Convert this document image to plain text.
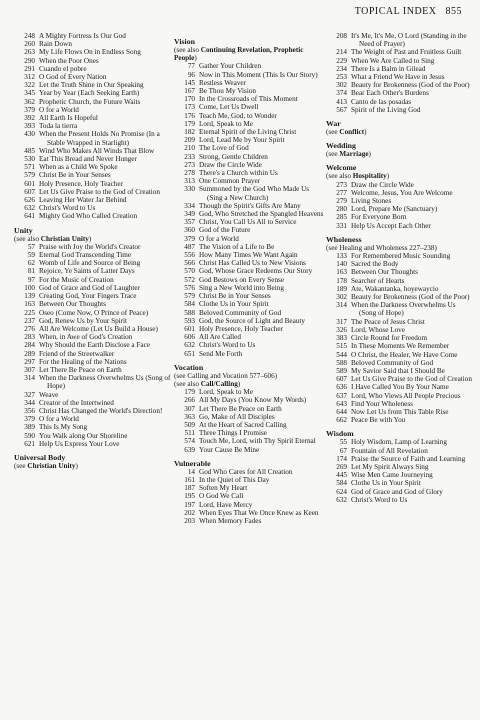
TOPICAL INDEX 855
248 A Mighty Fortress Is Our God
260 Rain Down
263 My Life Flows On in Endless Song
290 When the Poor Ones
291 Cuando el pobre
312 O God of Every Nation
322 Let the Truth Shine in Our Speaking
345 Year by Year (Each Seeking Earth)
362 Prophetic Church, the Future Waits
379 O for a World
392 All Earth Is Hopeful
393 Toda la tierra
430 When the Present Holds No Promise (In a Stable Wrapped in Starlight)
485 Wind Who Makes All Winds That Blow
530 Eat This Bread and Never Hunger
571 When as a Child We Spoke
579 Christ Be in Your Senses
601 Holy Presence, Holy Teacher
607 Let Us Give Praise to the God of Creation
626 Leaving Her Water Jar Behind
632 Christ's Word to Us
641 Mighty God Who Called Creation
Unity
(see also Christian Unity)
57 Praise with Joy the World's Creator
59 Eternal God Transcending Time
62 Womb of Life and Source of Being
81 Rejoice, Ye Saints of Latter Days
97 For the Music of Creation
100 God of Grace and God of Laughter
139 Creating God, Your Fingers Trace
163 Between Our Thoughts
225 Oseo (Come Now, O Prince of Peace)
237 God, Renew Us by Your Spirit
276 All Are Welcome (Let Us Build a House)
283 When, in Awe of God's Creation
284 Why Should the Earth Disclose a Face
289 Friend of the Streetwalker
297 For the Healing of the Nations
307 Let There Be Peace on Earth
314 When the Darkness Overwhelms Us (Song of Hope)
327 Weave
344 Creator of the Intertwined
356 Christ Has Changed the World's Direction!
379 O for a World
389 This Is My Song
590 You Walk along Our Shoreline
621 Help Us Express Your Love
Universal Body
(see Christian Unity)
Vision
(see also Continuing Revelation, Prophetic People)
77 Gather Your Children
96 Now in This Moment (This Is Our Story)
145 Restless Weaver
167 Be Thou My Vision
170 In the Crossroads of This Moment
173 Come, Let Us Dwell
176 Teach Me, God, to Wonder
179 Lord, Speak to Me
182 Eternal Spirit of the Living Christ
209 Lord, Lead Me by Your Spirit
210 The Love of God
233 Strong, Gentle Children
273 Draw the Circle Wide
278 There's a Church within Us
313 One Common Prayer
330 Summoned by the God Who Made Us (Sing a New Church)
334 Though the Spirit's Gifts Are Many
349 God, Who Stretched the Spangled Heavens
357 Christ, You Call Us All to Service
360 God of the Future
379 O for a World
487 The Vision of a Life to Be
556 How Many Times We Want Again
566 Christ Has Called Us to New Visions
570 God, Whose Grace Redeems Our Story
572 God Bestows on Every Sense
576 Sing a New World into Being
579 Christ Be in Your Senses
584 Clothe Us in Your Spirit
588 Beloved Community of God
593 God, the Source of Light and Beauty
601 Holy Presence, Holy Teacher
606 All Are Called
632 Christ's Word to Us
651 Send Me Forth
Vocation
(see Calling and Vocation 577–606)
(see also Call/Calling)
179 Lord, Speak to Me
266 All My Days (You Know My Words)
307 Let There Be Peace on Earth
363 Go, Make of All Disciples
509 At the Heart of Sacred Calling
511 Three Things I Promise
574 Touch Me, Lord, with Thy Spirit Eternal
639 Your Cause Be Mine
Vulnerable
14 God Who Cares for All Creation
161 In the Quiet of This Day
187 Soften My Heart
195 O God We Call
197 Lord, Have Mercy
202 When Eyes That We Once Knew as Keen
203 When Memory Fades
208 It's Me, It's Me, O Lord (Standing in the Need of Prayer)
214 The Weight of Past and Fruitless Guilt
229 When We Are Called to Sing
234 There Is a Balm in Gilead
253 What a Friend We Have in Jesus
302 Beauty for Brokenness (God of the Poor)
374 Bear Each Other's Burdens
413 Canto de las posadas
567 Spirit of the Living God
War
(see Conflict)
Wedding
(see Marriage)
Welcome
(see also Hospitality)
273 Draw the Circle Wide
277 Welcome, Jesus, You Are Welcome
279 Living Stones
280 Lord, Prepare Me (Sanctuary)
285 For Everyone Born
331 Help Us Accept Each Other
Wholeness
(see Healing and Wholeness 227–238)
133 For Remembered Music Sounding
140 Sacred the Body
163 Between Our Thoughts
178 Searcher of Hearts
189 Ate, Wakantanka, hoyewaycio
302 Beauty for Brokenness (God of the Poor)
314 When the Darkness Overwhelms Us (Song of Hope)
317 The Peace of Jesus Christ
326 Lord, Whose Love
383 Circle Round for Freedom
515 In These Moments We Remember
544 O Christ, the Healer, We Have Come
588 Beloved Community of God
589 My Savior Said that I Should Be
607 Let Us Give Praise to the God of Creation
636 I Have Called You By Your Name
637 Lord, Who Views All People Precious
643 Find Your Wholeness
644 Now Let Us from This Table Rise
662 Peace Be with You
Wisdom
55 Holy Wisdom, Lamp of Learning
67 Fountain of All Revelation
174 Praise the Source of Faith and Learning
269 Let My Spirit Always Sing
445 Wise Men Came Journeying
584 Clothe Us in Your Spirit
624 God of Grace and God of Glory
632 Christ's Word to Us
